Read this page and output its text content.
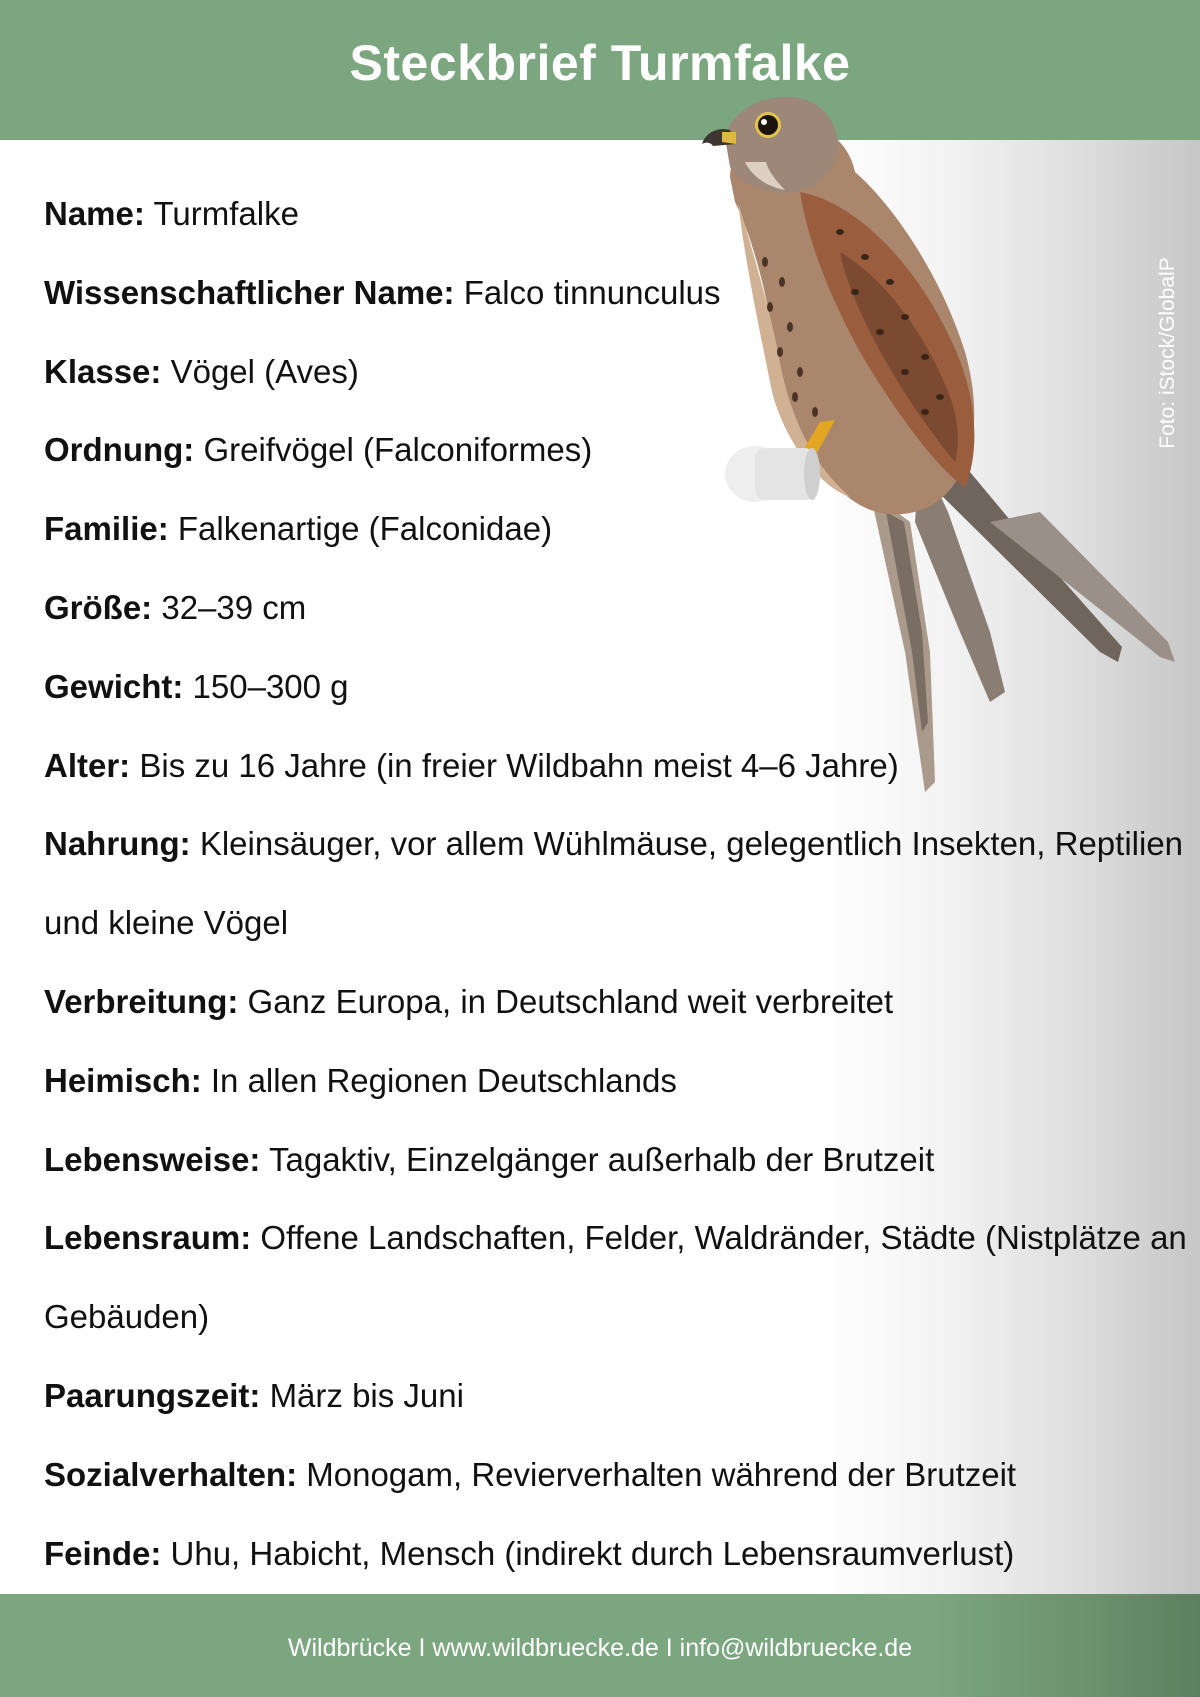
Steckbrief Turmfalke
Foto: iStock/GlobalP
Name: Turmfalke
Wissenschaftlicher Name: Falco tinnunculus
Klasse: Vögel (Aves)
Ordnung: Greifvögel (Falconiformes)
Familie: Falkenartige (Falconidae)
Größe: 32–39 cm
Gewicht: 150–300 g
Alter: Bis zu 16 Jahre (in freier Wildbahn meist 4–6 Jahre)
Nahrung: Kleinsäuger, vor allem Wühlmäuse, gelegentlich Insekten, Reptilien und kleine Vögel
Verbreitung: Ganz Europa, in Deutschland weit verbreitet
Heimisch: In allen Regionen Deutschlands
Lebensweise: Tagaktiv, Einzelgänger außerhalb der Brutzeit
Lebensraum: Offene Landschaften, Felder, Waldränder, Städte (Nistplätze an Gebäuden)
Paarungszeit: März bis Juni
Sozialverhalten: Monogam, Revierverhalten während der Brutzeit
Feinde: Uhu, Habicht, Mensch (indirekt durch Lebensraumverlust)
Wildbrücke I www.wildbruecke.de I info@wildbruecke.de
